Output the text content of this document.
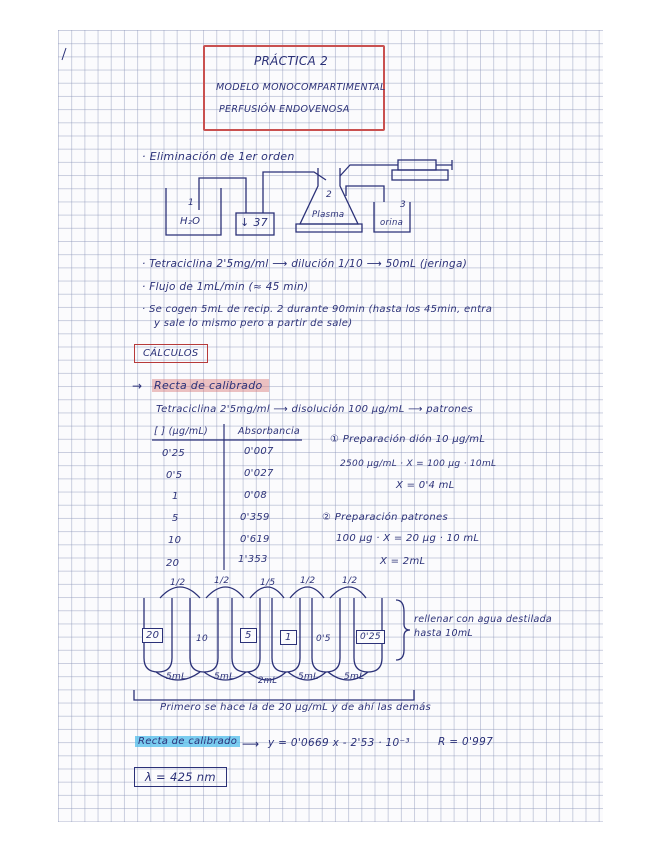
PRÁCTICA 2
MODELO MONOCOMPARTIMENTAL
PERFUSIÓN ENDOVENOSA
· Eliminación de 1er orden
1
H₂O	↓ 37
2
Plasma
3
orina
· Tetraciclina 2'5mg/ml ⟶ dilución 1/10 ⟶ 50mL (jeringa)
· Flujo de 1mL/min (≈ 45 min)
· Se cogen 5mL de recip. 2 durante 90min (hasta los 45min, entra
y sale lo mismo pero a partir de sale)
CÁLCULOS
→ Recta de calibrado
Tetraciclina 2'5mg/ml ⟶ disolución 100 µg/mL ⟶ patrones
[ ] (µg/mL)	Absorbancia
0'25	0'007
0'5	0'027
1	0'08
5	0'359
10	0'619
20	1'353
① Preparación dión 10 µg/mL
2500 µg/mL · X = 100 µg · 10mL
X = 0'4 mL
② Preparación patrones
100 µg · X = 20 µg · 10 mL
X = 2mL
20	10	5	1	0'5	0'25
1/2	1/2	1/5	1/2	1/2
5mL	5mL	2mL 5mL	5mL
rellenar con agua destilada
hasta 10mL
Primero se hace la de 20 µg/mL y de ahí las demás
Recta de calibrado ⟶ y = 0'0669 x - 2'53 · 10⁻³	R = 0'997
λ = 425 nm
